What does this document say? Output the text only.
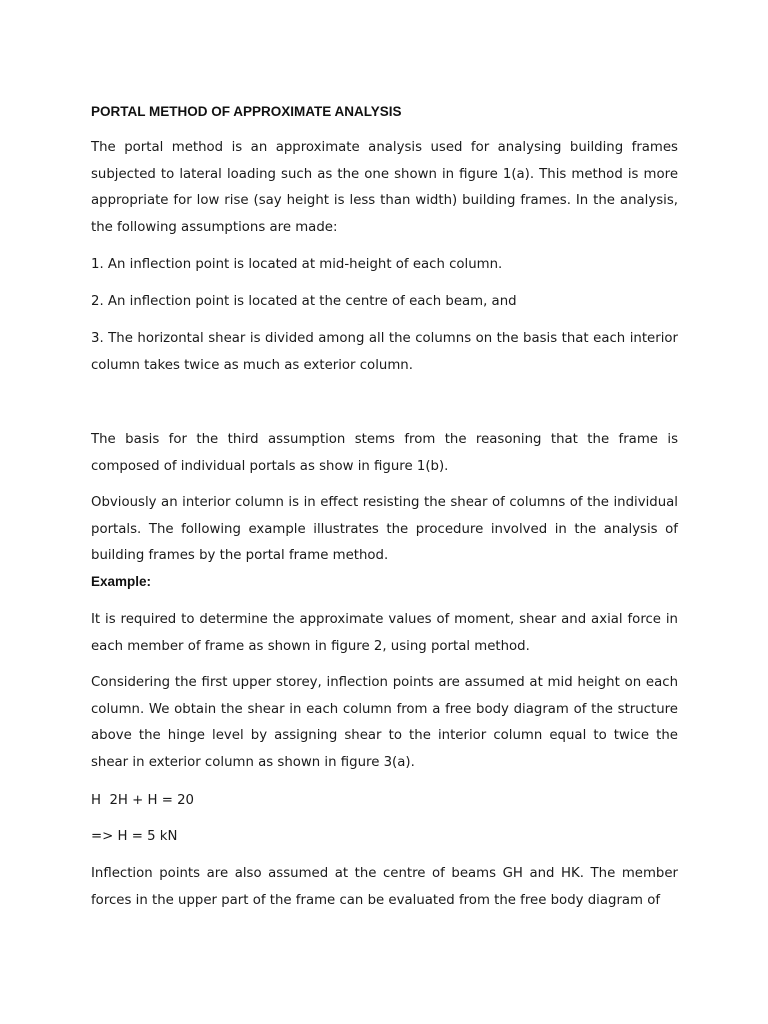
PORTAL METHOD OF APPROXIMATE ANALYSIS

The portal method is an approximate analysis used for analysing building frames subjected to lateral loading such as the one shown in figure 1(a). This method is more appropriate for low rise (say height is less than width) building frames. In the analysis, the following assumptions are made:

1. An inflection point is located at mid-height of each column.

2. An inflection point is located at the centre of each beam, and

3. The horizontal shear is divided among all the columns on the basis that each interior column takes twice as much as exterior column.

The basis for the third assumption stems from the reasoning that the frame is composed of individual portals as show in figure 1(b).

Obviously an interior column is in effect resisting the shear of columns of the individual portals. The following example illustrates the procedure involved in the analysis of building frames by the portal frame method.

Example:

It is required to determine the approximate values of moment, shear and axial force in each member of frame as shown in figure 2, using portal method.

Considering the first upper storey, inflection points are assumed at mid height on each column. We obtain the shear in each column from a free body diagram of the structure above the hinge level by assigning shear to the interior column equal to twice the shear in exterior column as shown in figure 3(a).

H  2H + H = 20

=> H = 5 kN

Inflection points are also assumed at the centre of beams GH and HK. The member forces in the upper part of the frame can be evaluated from the free body diagram of
